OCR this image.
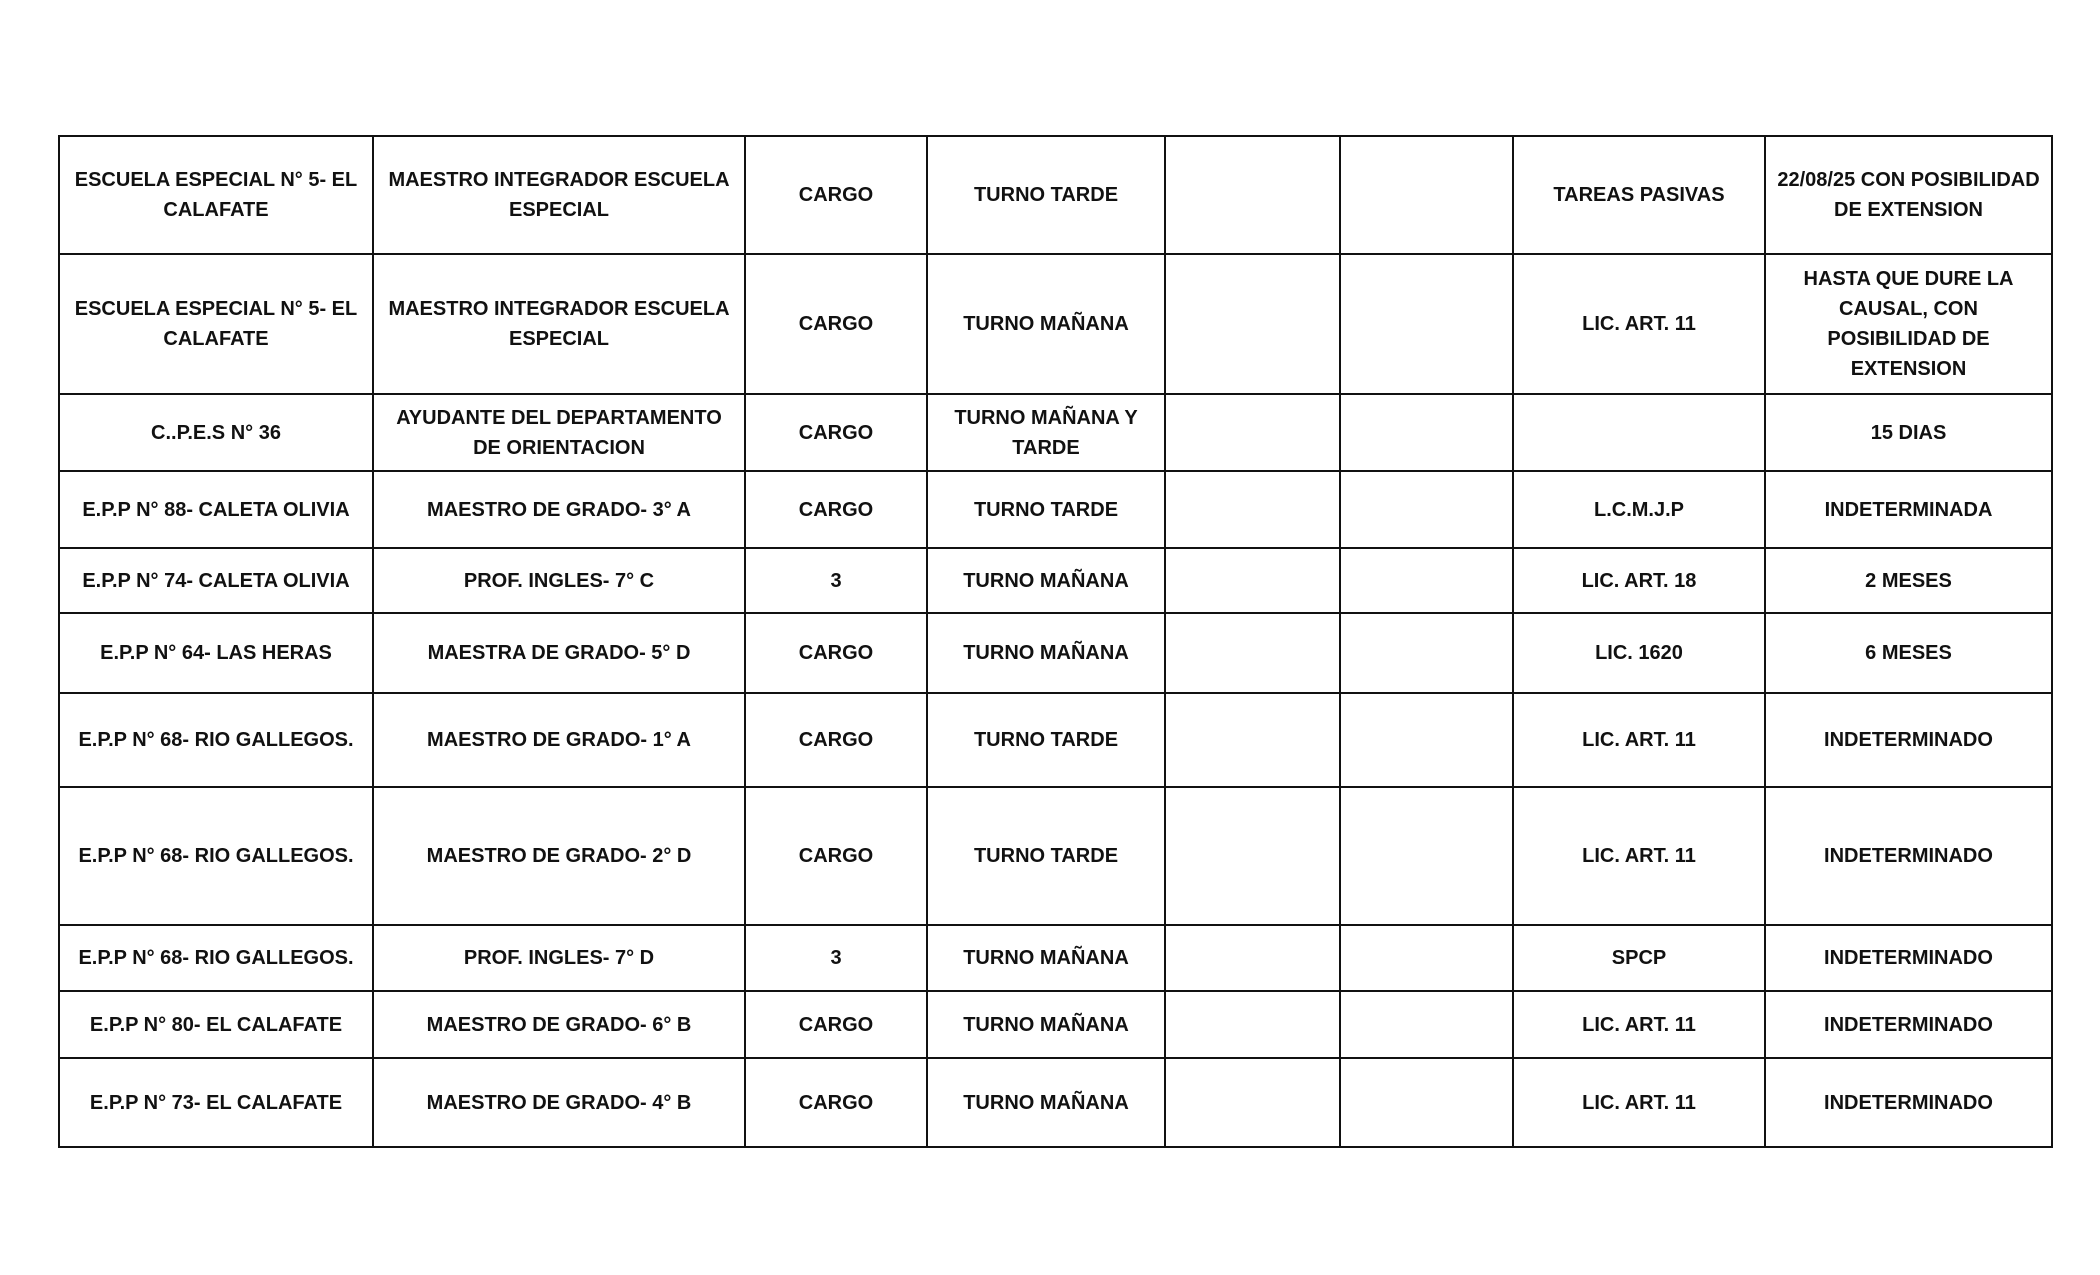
ESCUELA ESPECIAL N° 5- EL CALAFATE	MAESTRO INTEGRADOR ESCUELA ESPECIAL	CARGO	TURNO TARDE			TAREAS PASIVAS	22/08/25 CON POSIBILIDAD DE EXTENSION
ESCUELA ESPECIAL N° 5- EL CALAFATE	MAESTRO INTEGRADOR ESCUELA ESPECIAL	CARGO	TURNO MAÑANA			LIC. ART. 11	HASTA QUE DURE LA CAUSAL, CON POSIBILIDAD DE EXTENSION
C..P.E.S N° 36	AYUDANTE DEL DEPARTAMENTO DE ORIENTACION	CARGO	TURNO MAÑANA Y TARDE				15 DIAS
E.P.P N° 88- CALETA OLIVIA	MAESTRO DE GRADO- 3° A	CARGO	TURNO TARDE			L.C.M.J.P	INDETERMINADA
E.P.P N° 74- CALETA OLIVIA	PROF. INGLES- 7° C	3	TURNO MAÑANA			LIC. ART. 18	2 MESES
E.P.P N° 64- LAS HERAS	MAESTRA DE GRADO- 5° D	CARGO	TURNO MAÑANA			LIC. 1620	6 MESES
E.P.P N° 68- RIO GALLEGOS.	MAESTRO DE GRADO- 1° A	CARGO	TURNO TARDE			LIC. ART. 11	INDETERMINADO
E.P.P N° 68- RIO GALLEGOS.	MAESTRO DE GRADO- 2° D	CARGO	TURNO TARDE			LIC. ART. 11	INDETERMINADO
E.P.P N° 68- RIO GALLEGOS.	PROF. INGLES- 7° D	3	TURNO MAÑANA			SPCP	INDETERMINADO
E.P.P N° 80- EL CALAFATE	MAESTRO DE GRADO- 6° B	CARGO	TURNO MAÑANA			LIC. ART. 11	INDETERMINADO
E.P.P N° 73- EL CALAFATE	MAESTRO DE GRADO- 4° B	CARGO	TURNO MAÑANA			LIC. ART. 11	INDETERMINADO
